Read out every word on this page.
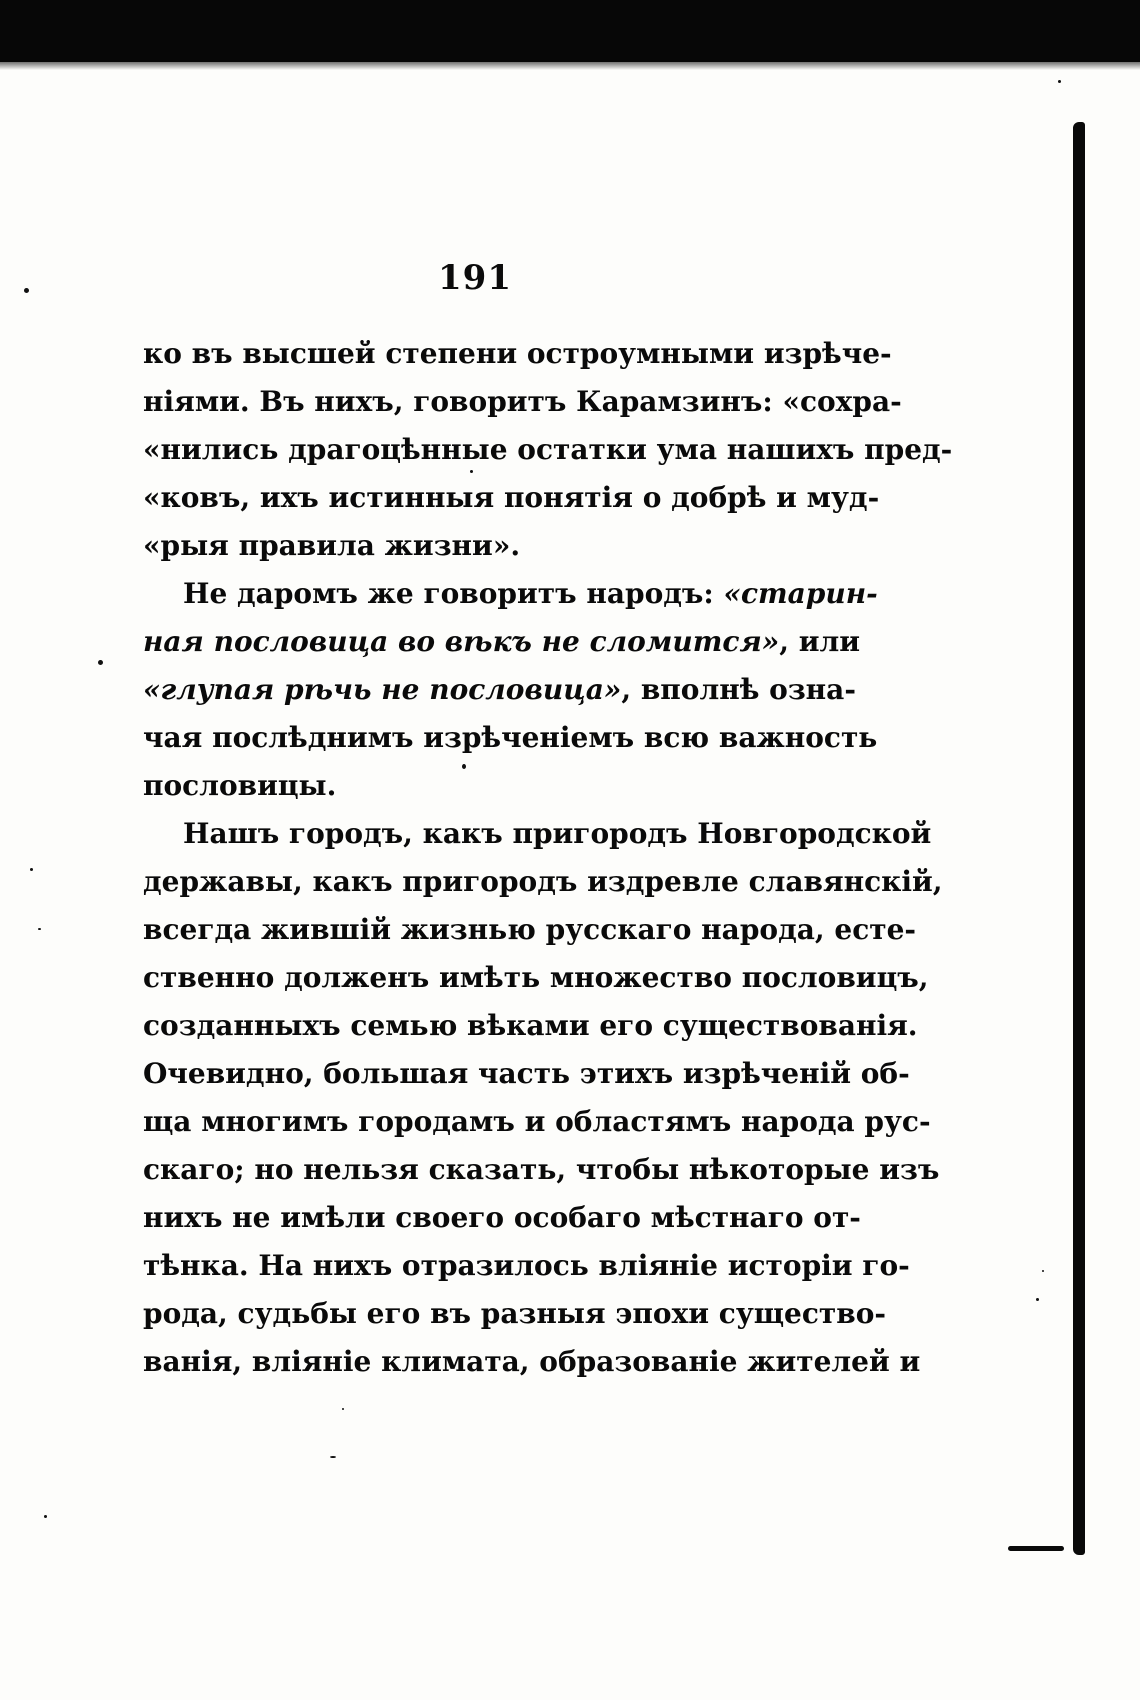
191
ко въ высшей степени остроумными изрѣче-
ніями. Въ нихъ, говоритъ Карамзинъ: «сохра-
«нились драгоцѣнные остатки ума нашихъ пред-
«ковъ, ихъ истинныя понятія о добрѣ и муд-
«рыя правила жизни».
Не даромъ же говоритъ народъ: «старин-
ная пословица во вѣкъ не сломится», или
«глупая рѣчь не пословица», вполнѣ озна-
чая послѣднимъ изрѣченіемъ всю важность
пословицы.
Нашъ городъ, какъ пригородъ Новгородской
державы, какъ пригородъ издревле славянскій,
всегда жившій жизнью русскаго народа, есте-
ственно долженъ имѣть множество пословицъ,
созданныхъ семью вѣками его существованія.
Очевидно, большая часть этихъ изрѣченій об-
ща многимъ городамъ и областямъ народа рус-
скаго; но нельзя сказать, чтобы нѣкоторые изъ
нихъ не имѣли своего особаго мѣстнаго от-
тѣнка. На нихъ отразилось вліяніе исторіи го-
рода, судьбы его въ разныя эпохи существо-
ванія, вліяніе климата, образованіе жителей и
